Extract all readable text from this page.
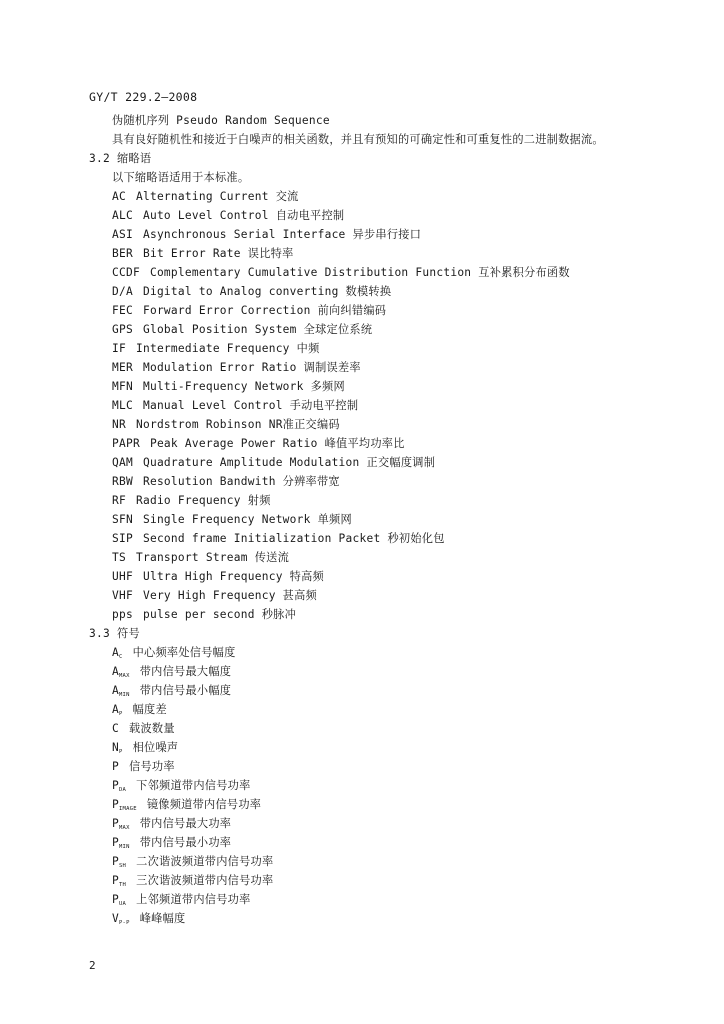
GY/T 229.2—2008
伪随机序列 Pseudo Random Sequence
具有良好随机性和接近于白噪声的相关函数，并且有预知的可确定性和可重复性的二进制数据流。
3.2 缩略语
以下缩略语适用于本标准。
AC Alternating Current 交流
ALC Auto Level Control 自动电平控制
ASI Asynchronous Serial Interface 异步串行接口
BER Bit Error Rate 误比特率
CCDF Complementary Cumulative Distribution Function 互补累积分布函数
D/A Digital to Analog converting 数模转换
FEC Forward Error Correction 前向纠错编码
GPS Global Position System 全球定位系统
IF Intermediate Frequency 中频
MER Modulation Error Ratio 调制误差率
MFN Multi-Frequency Network 多频网
MLC Manual Level Control 手动电平控制
NR Nordstrom Robinson NR准正交编码
PAPR Peak Average Power Ratio 峰值平均功率比
QAM Quadrature Amplitude Modulation 正交幅度调制
RBW Resolution Bandwith 分辨率带宽
RF Radio Frequency 射频
SFN Single Frequency Network 单频网
SIP Second frame Initialization Packet 秒初始化包
TS Transport Stream 传送流
UHF Ultra High Frequency 特高频
VHF Very High Frequency 甚高频
pps pulse per second 秒脉冲
3.3 符号
AC 中心频率处信号幅度
AMAX 带内信号最大幅度
AMIN 带内信号最小幅度
AP 幅度差
C 载波数量
NP 相位噪声
P 信号功率
PDA 下邻频道带内信号功率
PIMAGE 镜像频道带内信号功率
PMAX 带内信号最大功率
PMIN 带内信号最小功率
PSH 二次谐波频道带内信号功率
PTH 三次谐波频道带内信号功率
PUA 上邻频道带内信号功率
VP-P 峰峰幅度
2
